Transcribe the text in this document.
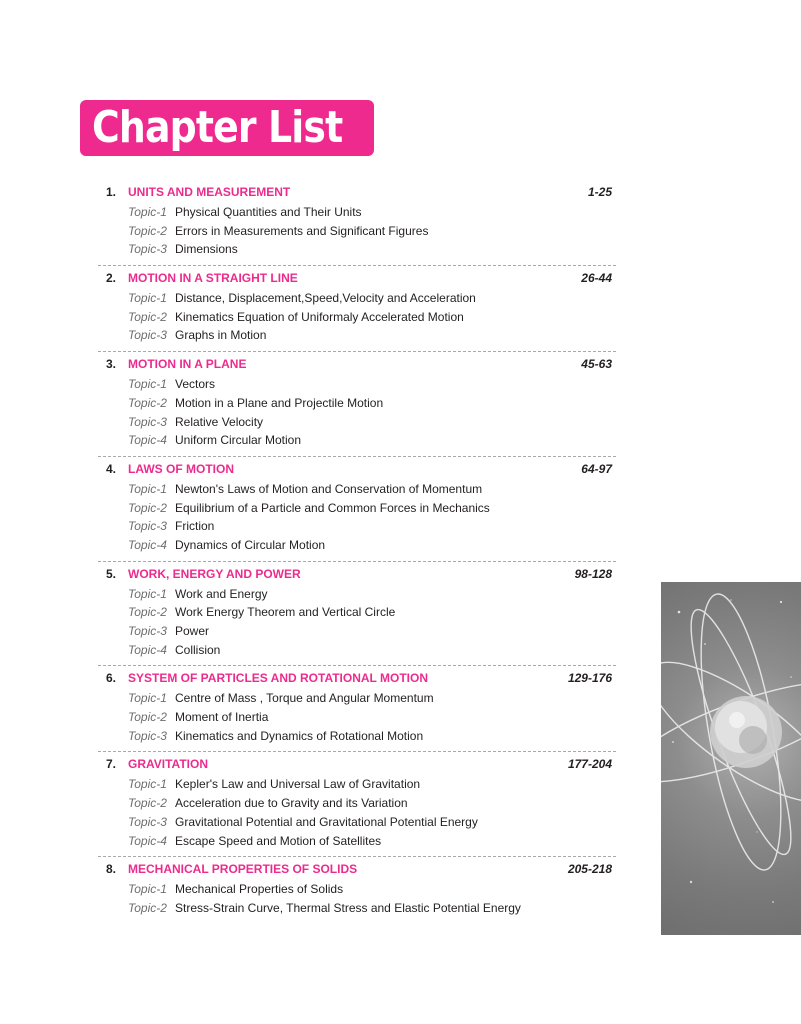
Chapter List
1. UNITS AND MEASUREMENT	1-25
Topic-1 Physical Quantities and Their Units
Topic-2 Errors in Measurements and Significant Figures
Topic-3 Dimensions
2. MOTION IN A STRAIGHT LINE	26-44
Topic-1 Distance, Displacement,Speed,Velocity and Acceleration
Topic-2 Kinematics Equation of Uniformaly Accelerated Motion
Topic-3 Graphs in Motion
3. MOTION IN A PLANE	45-63
Topic-1 Vectors
Topic-2 Motion in a Plane and Projectile Motion
Topic-3 Relative Velocity
Topic-4 Uniform Circular Motion
4. LAWS OF MOTION	64-97
Topic-1 Newton's Laws of Motion and Conservation of Momentum
Topic-2 Equilibrium of a Particle and Common Forces in Mechanics
Topic-3 Friction
Topic-4 Dynamics of Circular Motion
5. WORK, ENERGY AND POWER	98-128
Topic-1 Work and Energy
Topic-2 Work Energy Theorem and Vertical Circle
Topic-3 Power
Topic-4 Collision
6. SYSTEM OF PARTICLES AND ROTATIONAL MOTION	129-176
Topic-1 Centre of Mass , Torque and Angular Momentum
Topic-2 Moment of Inertia
Topic-3 Kinematics and Dynamics of Rotational Motion
7. GRAVITATION	177-204
Topic-1 Kepler's Law and Universal Law of Gravitation
Topic-2 Acceleration due to Gravity and its Variation
Topic-3 Gravitational Potential and Gravitational Potential Energy
Topic-4 Escape Speed and Motion of Satellites
8. MECHANICAL PROPERTIES OF SOLIDS	205-218
Topic-1 Mechanical Properties of Solids
Topic-2 Stress-Strain Curve, Thermal Stress and Elastic Potential Energy
